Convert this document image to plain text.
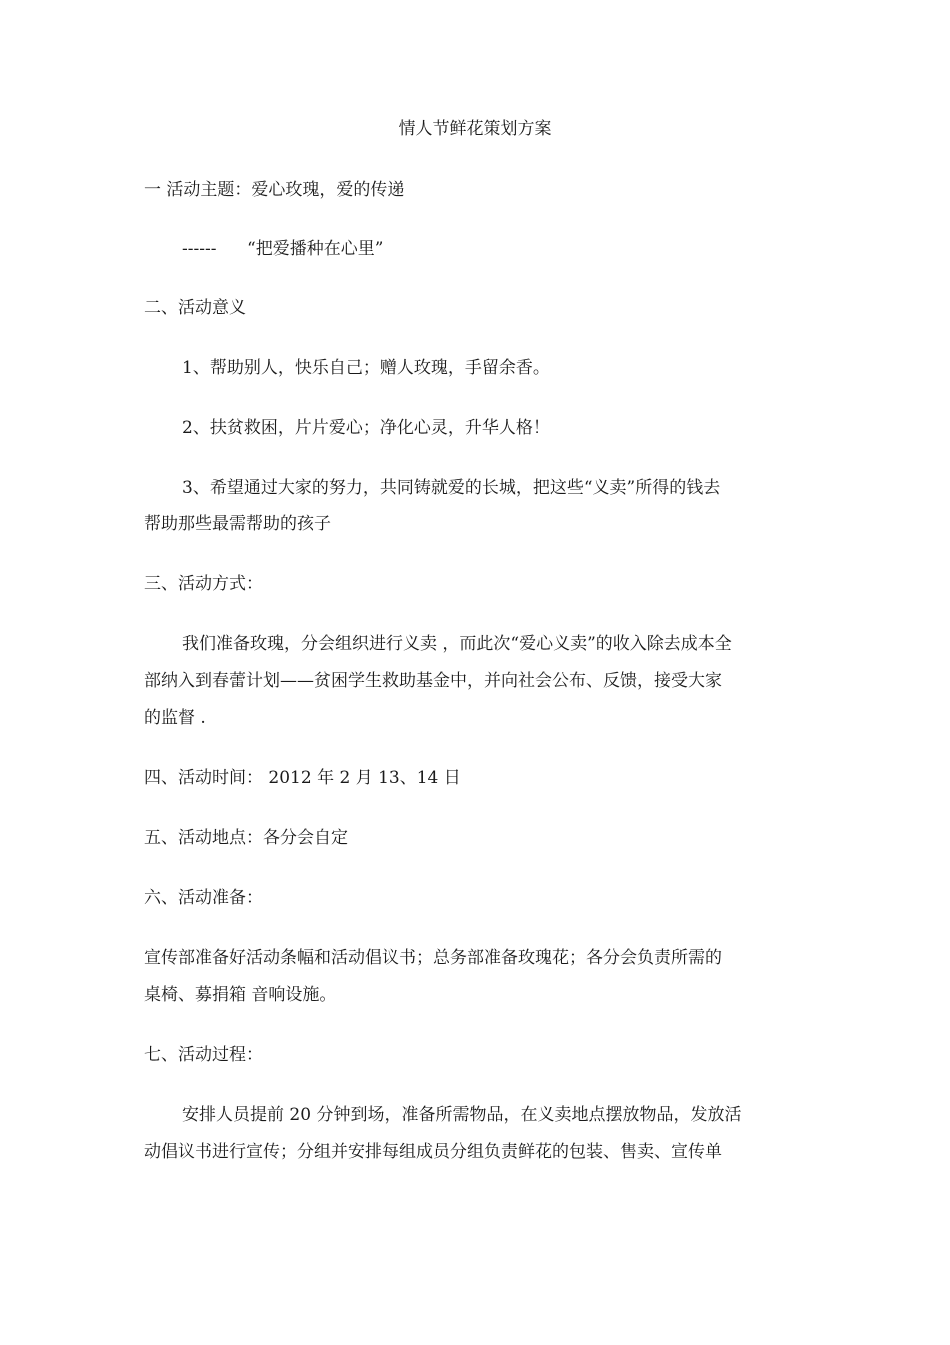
情人节鲜花策划方案
一 活动主题：爱心玫瑰，爱的传递
------ “把爱播种在心里”
二、活动意义
1、帮助别人，快乐自己；赠人玫瑰，手留余香。
2、扶贫救困，片片爱心；净化心灵，升华人格！
3、希望通过大家的努力，共同铸就爱的长城，把这些“义卖”所得的钱去
帮助那些最需帮助的孩子
三、活动方式：
我们准备玫瑰，分会组织进行义卖 ，而此次“爱心义卖”的收入除去成本全
部纳入到春蕾计划——贫困学生救助基金中，并向社会公布、反馈，接受大家
的监督 .
四、活动时间： 2012 年 2 月 13、14 日
五、活动地点：各分会自定
六、活动准备：
宣传部准备好活动条幅和活动倡议书；总务部准备玫瑰花；各分会负责所需的
桌椅、募捐箱 音响设施。
七、活动过程：
安排人员提前 20 分钟到场，准备所需物品，在义卖地点摆放物品，发放活
动倡议书进行宣传；分组并安排每组成员分组负责鲜花的包装、售卖、宣传单
